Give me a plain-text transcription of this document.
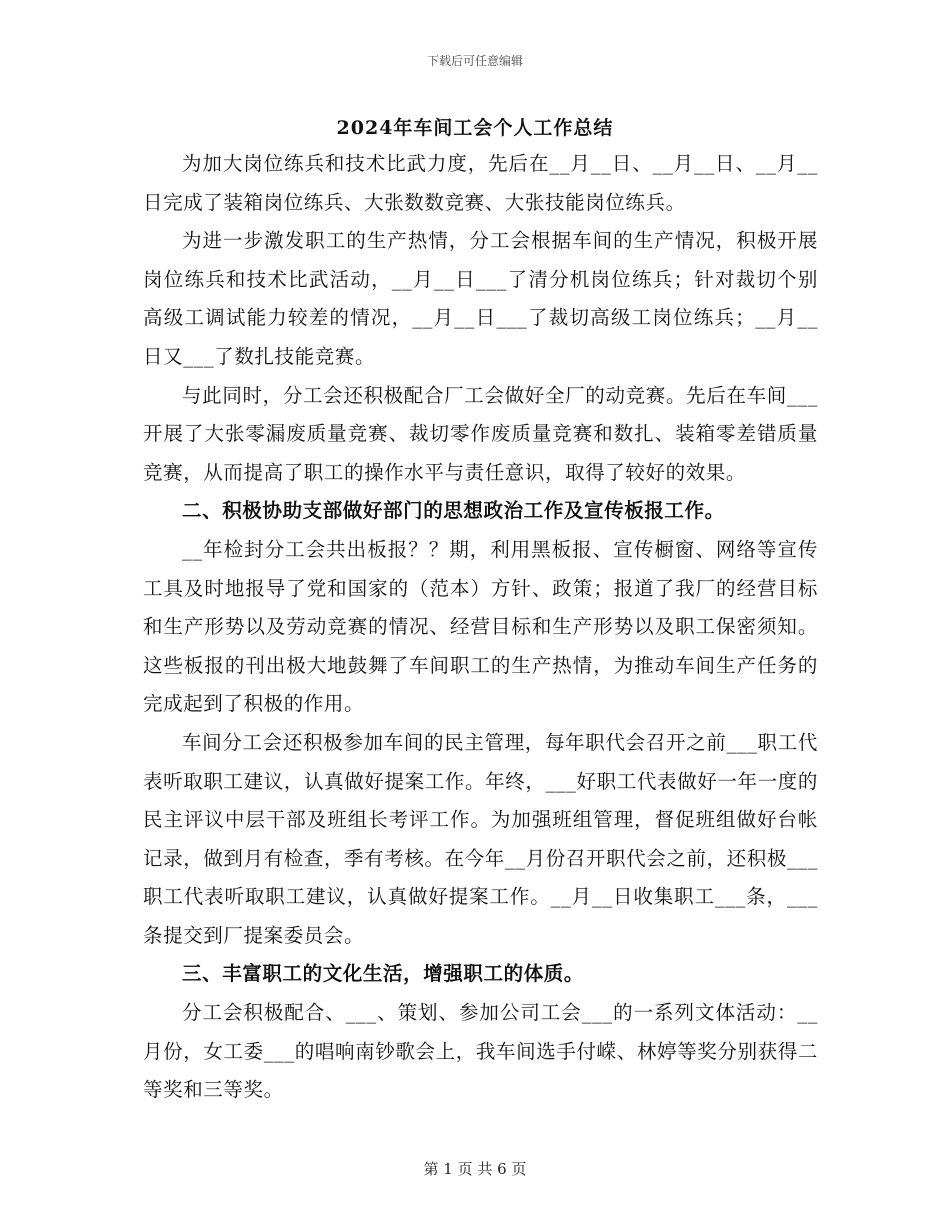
下载后可任意编辑
2024年车间工会个人工作总结

为加大岗位练兵和技术比武力度，先后在__月__日、__月__日、__月__日完成了装箱岗位练兵、大张数数竞赛、大张技能岗位练兵。

为进一步激发职工的生产热情，分工会根据车间的生产情况，积极开展岗位练兵和技术比武活动，__月__日___了清分机岗位练兵；针对裁切个别高级工调试能力较差的情况，__月__日___了裁切高级工岗位练兵；__月__日又___了数扎技能竞赛。

与此同时，分工会还积极配合厂工会做好全厂的动竞赛。先后在车间___开展了大张零漏废质量竞赛、裁切零作废质量竞赛和数扎、装箱零差错质量竞赛，从而提高了职工的操作水平与责任意识，取得了较好的效果。

二、积极协助支部做好部门的思想政治工作及宣传板报工作。

__年检封分工会共出板报？？期，利用黑板报、宣传橱窗、网络等宣传工具及时地报导了党和国家的（范本）方针、政策；报道了我厂的经营目标和生产形势以及劳动竞赛的情况、经营目标和生产形势以及职工保密须知。这些板报的刊出极大地鼓舞了车间职工的生产热情，为推动车间生产任务的完成起到了积极的作用。

车间分工会还积极参加车间的民主管理，每年职代会召开之前___职工代表听取职工建议，认真做好提案工作。年终，___好职工代表做好一年一度的民主评议中层干部及班组长考评工作。为加强班组管理，督促班组做好台帐记录，做到月有检查，季有考核。在今年__月份召开职代会之前，还积极___职工代表听取职工建议，认真做好提案工作。__月__日收集职工___条，___条提交到厂提案委员会。

三、丰富职工的文化生活，增强职工的体质。

分工会积极配合、___、策划、参加公司工会___的一系列文体活动：__月份，女工委___的唱响南钞歌会上，我车间选手付嵘、林婷等奖分别获得二等奖和三等奖。

第 1 页 共 6 页
